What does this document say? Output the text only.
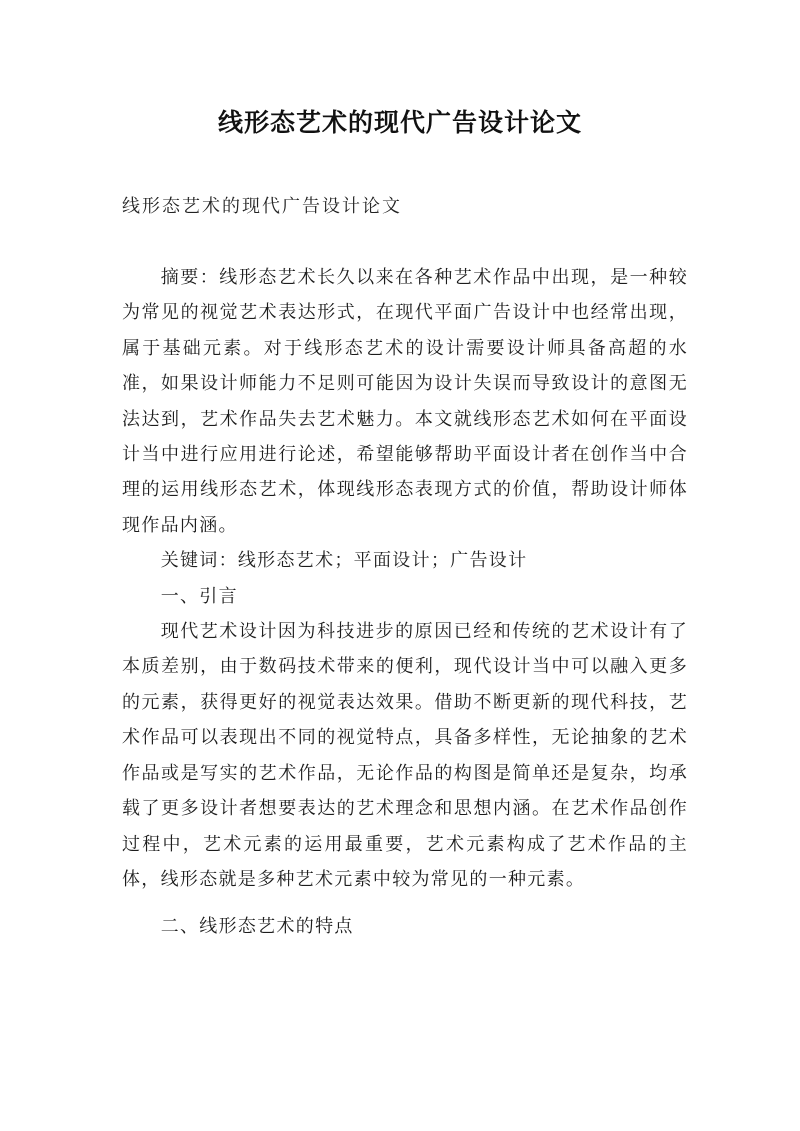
线形态艺术的现代广告设计论文

线形态艺术的现代广告设计论文

摘要：线形态艺术长久以来在各种艺术作品中出现，是一种较为常见的视觉艺术表达形式，在现代平面广告设计中也经常出现，属于基础元素。对于线形态艺术的设计需要设计师具备高超的水准，如果设计师能力不足则可能因为设计失误而导致设计的意图无法达到，艺术作品失去艺术魅力。本文就线形态艺术如何在平面设计当中进行应用进行论述，希望能够帮助平面设计者在创作当中合理的运用线形态艺术，体现线形态表现方式的价值，帮助设计师体现作品内涵。

关键词：线形态艺术；平面设计；广告设计

一、引言

现代艺术设计因为科技进步的原因已经和传统的艺术设计有了本质差别，由于数码技术带来的便利，现代设计当中可以融入更多的元素，获得更好的视觉表达效果。借助不断更新的现代科技，艺术作品可以表现出不同的视觉特点，具备多样性，无论抽象的艺术作品或是写实的艺术作品，无论作品的构图是简单还是复杂，均承载了更多设计者想要表达的艺术理念和思想内涵。在艺术作品创作过程中，艺术元素的运用最重要，艺术元素构成了艺术作品的主体，线形态就是多种艺术元素中较为常见的一种元素。

二、线形态艺术的特点
